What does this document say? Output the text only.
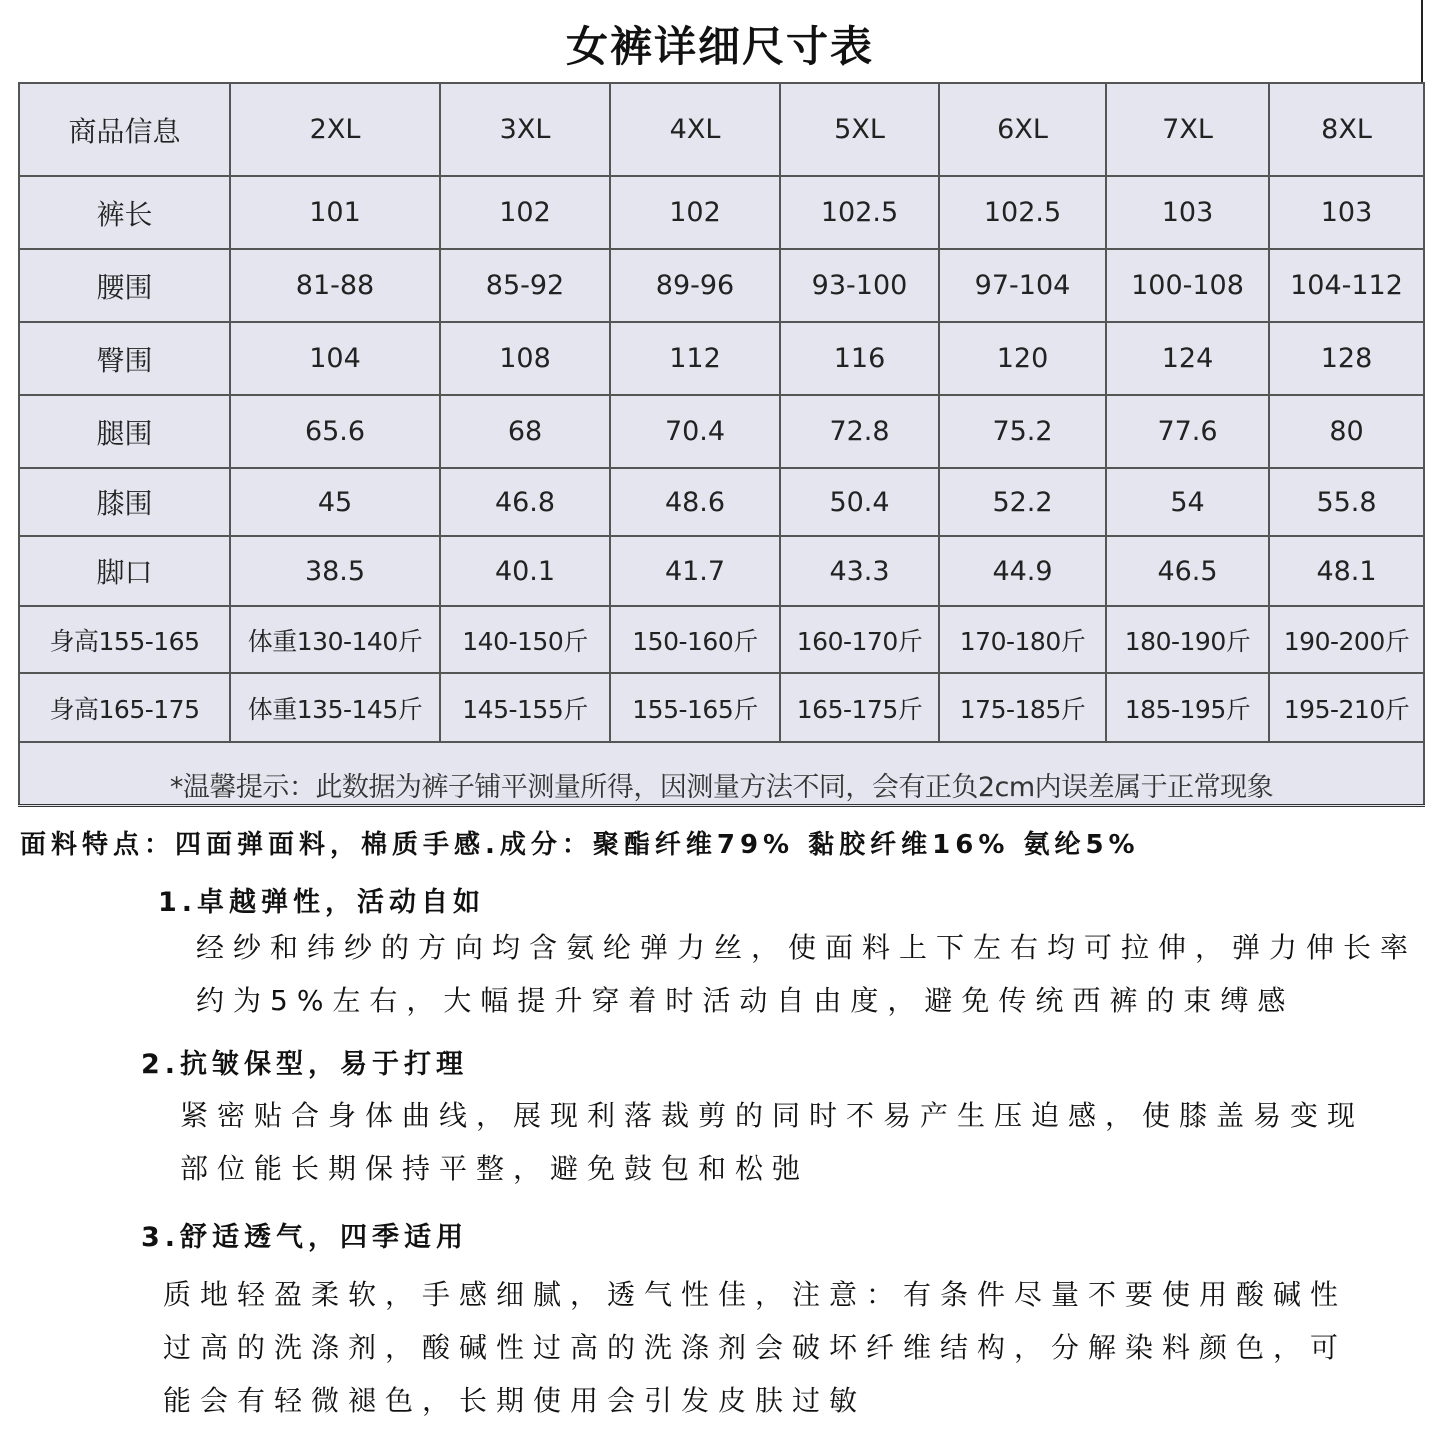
女裤详细尺寸表
商品信息	2XL	3XL	4XL	5XL	6XL	7XL	8XL
裤长	101	102	102	102.5	102.5	103	103
腰围	81-88	85-92	89-96	93-100	97-104	100-108	104-112
臀围	104	108	112	116	120	124	128
腿围	65.6	68	70.4	72.8	75.2	77.6	80
膝围	45	46.8	48.6	50.4	52.2	54	55.8
脚口	38.5	40.1	41.7	43.3	44.9	46.5	48.1
身高155-165	体重130-140斤	140-150斤	150-160斤	160-170斤	170-180斤	180-190斤	190-200斤
身高165-175	体重135-145斤	145-155斤	155-165斤	165-175斤	175-185斤	185-195斤	195-210斤
*温馨提示：此数据为裤子铺平测量所得，因测量方法不同，会有正负2cm内误差属于正常现象							
面料特点：四面弹面料，棉质手感.成分：聚酯纤维79% 黏胶纤维16% 氨纶5%
1.卓越弹性，活动自如
经纱和纬纱的方向均含氨纶弹力丝，使面料上下左右均可拉伸，弹力伸长率
约为5%左右，大幅提升穿着时活动自由度，避免传统西裤的束缚感
2.抗皱保型，易于打理
紧密贴合身体曲线，展现利落裁剪的同时不易产生压迫感，使膝盖易变现
部位能长期保持平整，避免鼓包和松弛
3.舒适透气，四季适用
质地轻盈柔软，手感细腻，透气性佳，注意：有条件尽量不要使用酸碱性
过高的洗涤剂，酸碱性过高的洗涤剂会破坏纤维结构，分解染料颜色，可
能会有轻微褪色，长期使用会引发皮肤过敏
